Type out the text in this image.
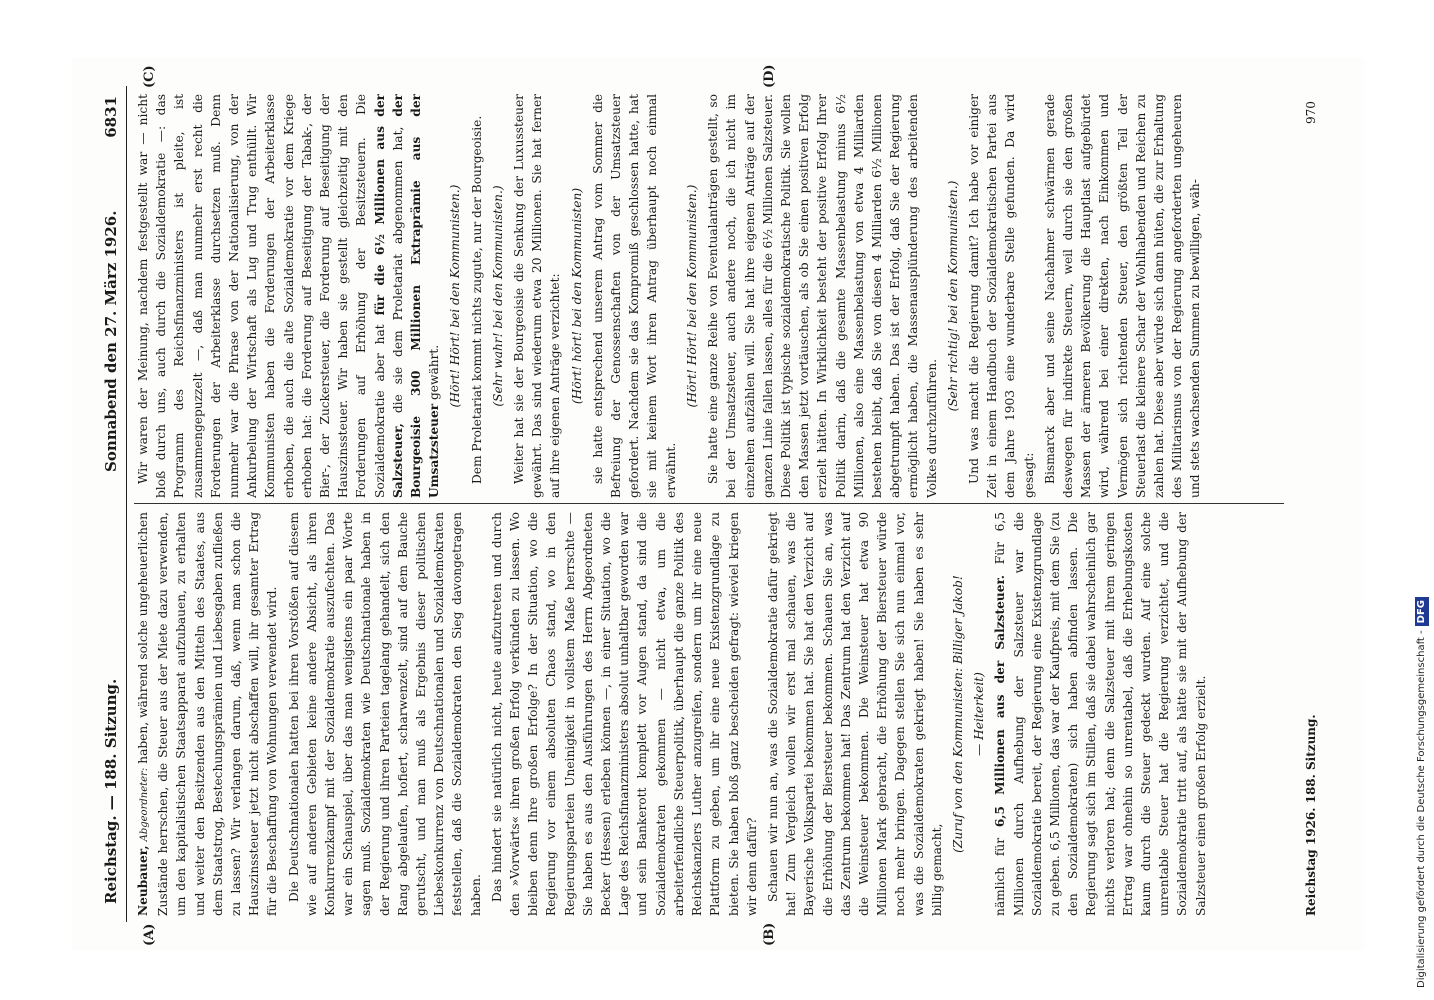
Reichstag. — 188. Sitzung.
Sonnabend den 27. März 1926.
6831
(A)	(B)
(C)	(D)

Neubauer, Abgeordneter: haben, während solche ungeheuerlichen Zustände herrschen, die Steuer aus der Miete dazu verwenden, um den kapitalistischen Staatsapparat aufzubauen, zu erhalten und weiter den Besitzenden aus den Mitteln des Staates, aus dem Staatstrog, Bestechungsprämien und Liebesgaben zufließen zu lassen? Wir verlangen darum, daß, wenn man schon die Hauszinssteuer jetzt nicht abschaffen will, ihr gesamter Ertrag für die Beschaffung von Wohnungen verwendet wird. Die Deutschnationalen hatten bei ihren Vorstößen auf diesem wie auf anderen Gebieten keine andere Absicht, als ihren Konkurrenzkampf mit der Sozialdemokratie auszufechten. Das war ein Schauspiel, über das man wenigstens ein paar Worte sagen muß. Sozialdemokraten wie Deutschnationale haben in der Regierung und ihren Parteien tagelang gehandelt, sich den Rang abgelaufen, hofiert, scharwenzelt, sind auf dem Bauche gerutscht, und man muß als Ergebnis dieser politischen Liebeskonkurrenz von Deutschnationalen und Sozialdemokraten feststellen, daß die Sozialdemokraten den Sieg davongetragen haben. Das hindert sie natürlich nicht, heute aufzutreten und durch den »Vorwärts« ihren großen Erfolg verkünden zu lassen. Wo bleiben denn Ihre großen Erfolge? In der Situation, wo die Regierung vor einem absoluten Chaos stand, wo in den Regierungsparteien Uneinigkeit in vollstem Maße herrschte — Sie haben es aus den Ausführungen des Herrn Abgeordneten Becker (Hessen) erleben können —, in einer Situation, wo die Lage des Reichsfinanzministers absolut unhaltbar geworden war und sein Bankerott komplett vor Augen stand, da sind die Sozialdemokraten gekommen — nicht etwa, um die arbeiterfeindliche Steuerpolitik, überhaupt die ganze Politik des Reichskanzlers Luther anzugreifen, sondern um ihr eine neue Plattform zu geben, um ihr eine neue Existenzgrundlage zu bieten. Sie haben bloß ganz bescheiden gefragt: wieviel kriegen wir denn dafür? Schauen wir nun an, was die Sozialdemokratie dafür gekriegt hat! Zum Vergleich wollen wir erst mal schauen, was die Bayerische Volkspartei bekommen hat. Sie hat den Verzicht auf die Erhöhung der Biersteuer bekommen. Schauen Sie an, was das Zentrum bekommen hat! Das Zentrum hat den Verzicht auf die Weinsteuer bekommen. Die Weinsteuer hat etwa 90 Millionen Mark gebracht, die Erhöhung der Biersteuer würde noch mehr bringen. Dagegen stellen Sie sich nun einmal vor, was die Sozialdemokraten gekriegt haben! Sie haben es sehr billig gemacht,

(Zuruf von den Kommunisten: Billiger Jakob! — Heiterkeit)

nämlich für 6,5 Millionen aus der Salzsteuer. Für 6,5 Millionen durch Aufhebung der Salzsteuer war die Sozialdemokratie bereit, der Regierung eine Existenzgrundlage zu geben. 6,5 Millionen, das war der Kaufpreis, mit dem Sie (zu den Sozialdemokraten) sich haben abfinden lassen. Die Regierung sagt sich im Stillen, daß sie dabei wahrscheinlich gar nichts verloren hat; denn die Salzsteuer mit ihrem geringen Ertrag war ohnehin so unrentabel, daß die Erhebungskosten kaum durch die Steuer gedeckt wurden. Auf eine solche unrentable Steuer hat die Regierung verzichtet, und die Sozialdemokratie tritt auf, als hätte sie mit der Aufhebung der Salzsteuer einen großen Erfolg erzielt.

Wir waren der Meinung, nachdem festgestellt war — nicht bloß durch uns, auch durch die Sozialdemokratie —: das Programm des Reichsfinanzministers ist pleite, ist zusammengepuzzelt —, daß man nunmehr erst recht die Forderungen der Arbeiterklasse durchsetzen muß. Denn nunmehr war die Phrase von der Nationalisierung, von der Ankurbelung der Wirtschaft als Lug und Trug enthüllt. Wir Kommunisten haben die Forderungen der Arbeiterklasse erhoben, die auch die alte Sozialdemokratie vor dem Kriege erhoben hat: die Forderung auf Beseitigung der Tabak-, der Bier-, der Zuckersteuer, die Forderung auf Beseitigung der Hauszinssteuer. Wir haben sie gestellt gleichzeitig mit den Forderungen auf Erhöhung der Besitzsteuern. Die Sozialdemokratie aber hat für die 6½ Millionen aus der Salzsteuer, die sie dem Proletariat abgenommen hat, der Bourgeoisie 300 Millionen Extraprämie aus der Umsatzsteuer gewährt. (Hört! Hört! bei den Kommunisten.) Dem Proletariat kommt nichts zugute, nur der Bourgeoisie. (Sehr wahr! bei den Kommunisten.) Weiter hat sie der Bourgeoisie die Senkung der Luxussteuer gewährt. Das sind wiederum etwa 20 Millionen. Sie hat ferner auf ihre eigenen Anträge verzichtet: (Hört! hört! bei den Kommunisten) sie hatte entsprechend unserem Antrag vom Sommer die Befreiung der Genossenschaften von der Umsatzsteuer gefordert. Nachdem sie das Kompromiß geschlossen hatte, hat sie mit keinem Wort ihren Antrag überhaupt noch einmal erwähnt.

(Hört! Hört! bei den Kommunisten.) Sie hatte eine ganze Reihe von Eventualanträgen gestellt, so bei der Umsatzsteuer, auch andere noch, die ich nicht im einzelnen aufzählen will. Sie hat ihre eigenen Anträge auf der ganzen Linie fallen lassen, alles für die 6½ Millionen Salzsteuer. Diese Politik ist typische sozialdemokratische Politik. Sie wollen den Massen jetzt vortäuschen, als ob Sie einen positiven Erfolg erzielt hätten. In Wirklichkeit besteht der positive Erfolg Ihrer Politik darin, daß die gesamte Massenbelastung minus 6½ Millionen, also eine Massenbelastung von etwa 4 Milliarden bestehen bleibt, daß Sie von diesen 4 Milliarden 6½ Millionen abgetrumpft haben. Das ist der Erfolg, daß Sie der Regierung ermöglicht haben, die Massenausplünderung des arbeitenden Volkes durchzuführen.

(Sehr richtig! bei den Kommunisten.) Und was macht die Regierung damit? Ich habe vor einiger Zeit in einem Handbuch der Sozialdemokratischen Partei aus dem Jahre 1903 eine wunderbare Stelle gefunden. Da wird gesagt: Bismarck aber und seine Nachahmer schwärmen gerade deswegen für indirekte Steuern, weil durch sie den großen Massen der ärmeren Bevölkerung die Hauptlast aufgebürdet wird, während bei einer direkten, nach Einkommen und Vermögen sich richtenden Steuer, den größten Teil der Steuerlast die kleinere Schar der Wohlhabenden und Reichen zu zahlen hat. Diese aber würde sich dann hüten, die zur Erhaltung des Militarismus von der Regierung angeforderten ungeheuren und stets wachsenden Summen zu bewilligen, wäh-

Reichstag 1926. 188. Sitzung.
970
Digitalisierung gefördert durch die Deutsche Forschungsgemeinschaft -DFG
